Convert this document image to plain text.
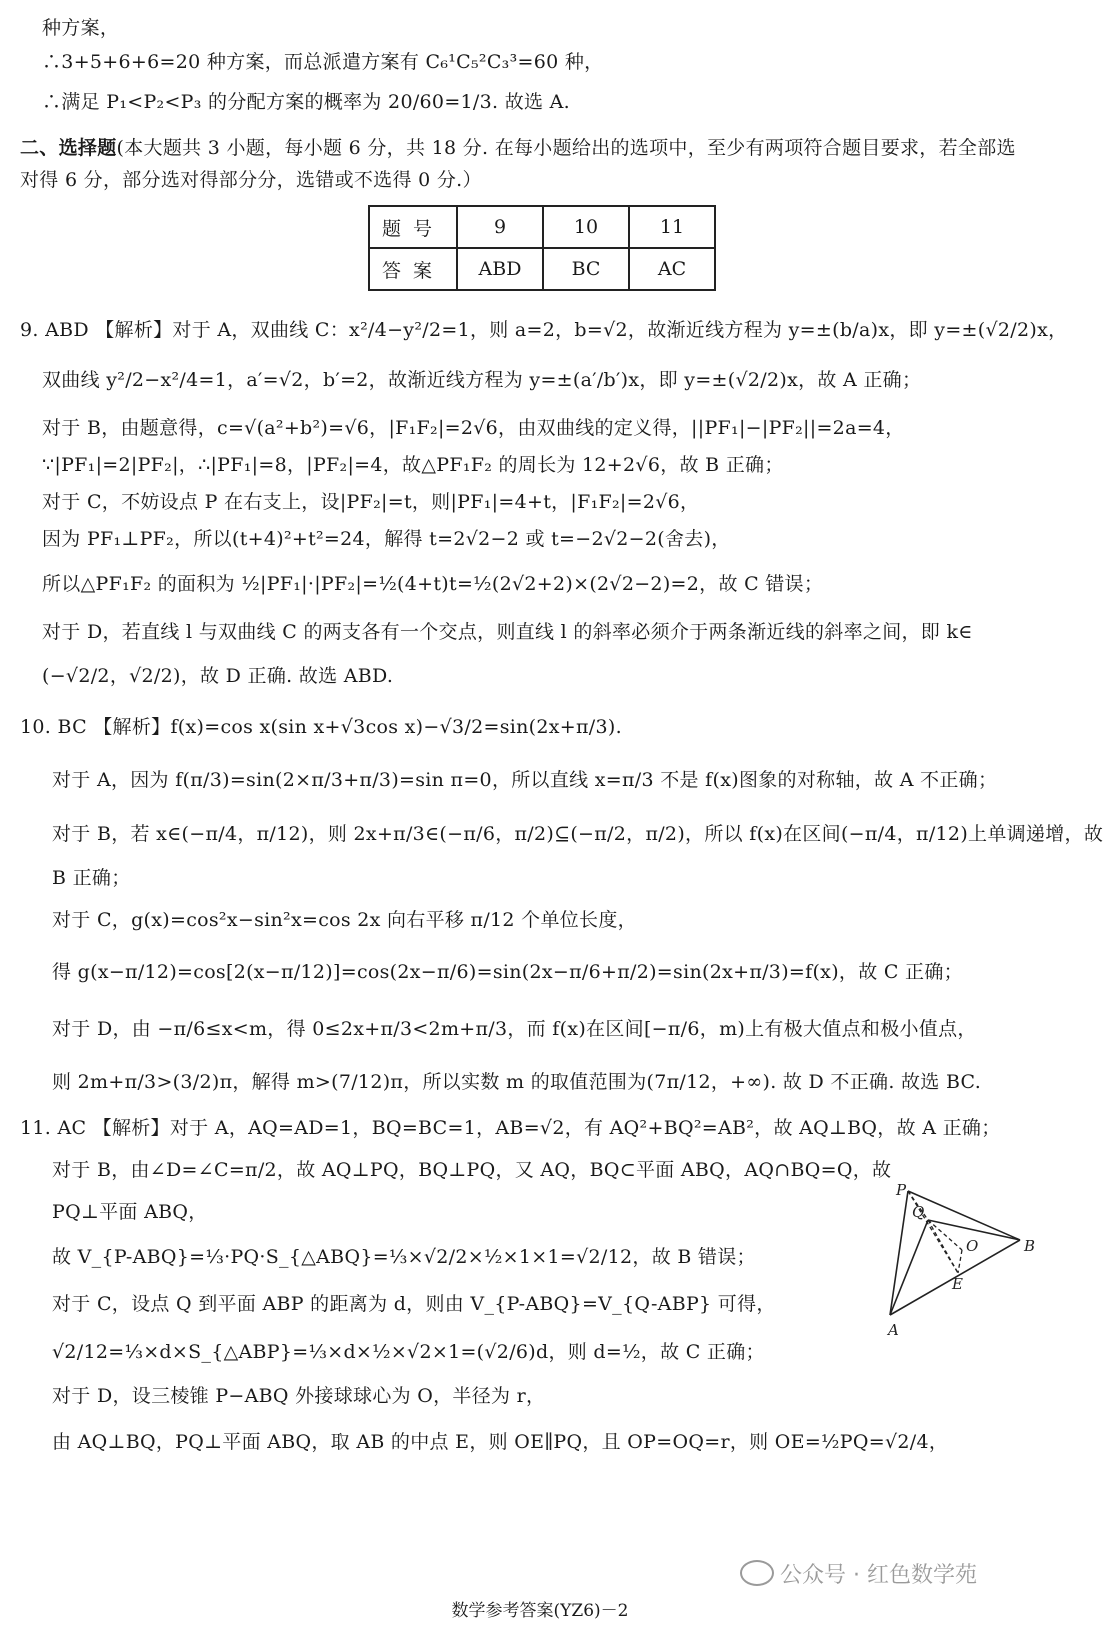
种方案，
∴3+5+6+6=20 种方案，而总派遣方案有 C₆¹C₅²C₃³=60 种，
∴满足 P₁<P₂<P₃ 的分配方案的概率为 20/60=1/3. 故选 A.
二、选择题(本大题共 3 小题，每小题 6 分，共 18 分. 在每小题给出的选项中，至少有两项符合题目要求，若全部选
对得 6 分，部分选对得部分分，选错或不选得 0 分.）
题号	9	10	11
答案	ABD	BC	AC
9. ABD 【解析】对于 A，双曲线 C：x²/4−y²/2=1，则 a=2，b=√2，故渐近线方程为 y=±(b/a)x，即 y=±(√2/2)x，
双曲线 y²/2−x²/4=1，a′=√2，b′=2，故渐近线方程为 y=±(a′/b′)x，即 y=±(√2/2)x，故 A 正确；
对于 B，由题意得，c=√(a²+b²)=√6，|F₁F₂|=2√6，由双曲线的定义得，||PF₁|−|PF₂||=2a=4，
∵|PF₁|=2|PF₂|，∴|PF₁|=8，|PF₂|=4，故△PF₁F₂ 的周长为 12+2√6，故 B 正确；
对于 C，不妨设点 P 在右支上，设|PF₂|=t，则|PF₁|=4+t，|F₁F₂|=2√6，
因为 PF₁⊥PF₂，所以(t+4)²+t²=24，解得 t=2√2−2 或 t=−2√2−2(舍去)，
所以△PF₁F₂ 的面积为 ½|PF₁|·|PF₂|=½(4+t)t=½(2√2+2)×(2√2−2)=2，故 C 错误；
对于 D，若直线 l 与双曲线 C 的两支各有一个交点，则直线 l 的斜率必须介于两条渐近线的斜率之间，即 k∈
(−√2/2，√2/2)，故 D 正确. 故选 ABD.
10. BC 【解析】f(x)=cos x(sin x+√3cos x)−√3/2=sin(2x+π/3).
对于 A，因为 f(π/3)=sin(2×π/3+π/3)=sin π=0，所以直线 x=π/3 不是 f(x)图象的对称轴，故 A 不正确；
对于 B，若 x∈(−π/4，π/12)，则 2x+π/3∈(−π/6，π/2)⊆(−π/2，π/2)，所以 f(x)在区间(−π/4，π/12)上单调递增，故
B 正确；
对于 C，g(x)=cos²x−sin²x=cos 2x 向右平移 π/12 个单位长度，
得 g(x−π/12)=cos[2(x−π/12)]=cos(2x−π/6)=sin(2x−π/6+π/2)=sin(2x+π/3)=f(x)，故 C 正确；
对于 D，由 −π/6≤x<m，得 0≤2x+π/3<2m+π/3，而 f(x)在区间[−π/6，m)上有极大值点和极小值点，
则 2m+π/3>(3/2)π，解得 m>(7/12)π，所以实数 m 的取值范围为(7π/12，+∞). 故 D 不正确. 故选 BC.
11. AC 【解析】对于 A，AQ=AD=1，BQ=BC=1，AB=√2，有 AQ²+BQ²=AB²，故 AQ⊥BQ，故 A 正确；
对于 B，由∠D=∠C=π/2，故 AQ⊥PQ，BQ⊥PQ，又 AQ，BQ⊂平面 ABQ，AQ∩BQ=Q，故
PQ⊥平面 ABQ，
故 V_{P-ABQ}=⅓·PQ·S_{△ABQ}=⅓×√2/2×½×1×1=√2/12，故 B 错误；
对于 C，设点 Q 到平面 ABP 的距离为 d，则由 V_{P-ABQ}=V_{Q-ABP} 可得，
√2/12=⅓×d×S_{△ABP}=⅓×d×½×√2×1=(√2/6)d，则 d=½，故 C 正确；
对于 D，设三棱锥 P−ABQ 外接球球心为 O，半径为 r，
由 AQ⊥BQ，PQ⊥平面 ABQ，取 AB 的中点 E，则 OE∥PQ，且 OP=OQ=r，则 OE=½PQ=√2/4，
P
Q
O	B
E
A
公众号 · 红色数学苑
数学参考答案(YZ6)－2
